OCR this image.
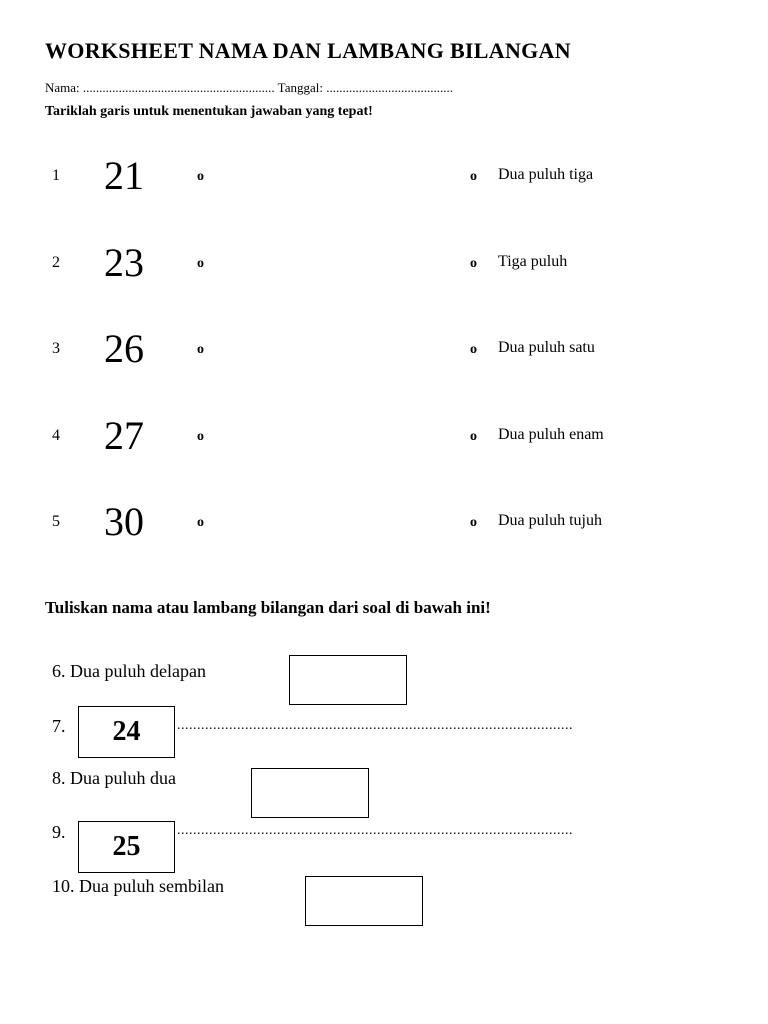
WORKSHEET NAMA DAN LAMBANG BILANGAN
Nama: ........................................................... Tanggal: .......................................
Tariklah garis untuk menentukan jawaban yang tepat!
1 21	o	o Dua puluh tiga
2 23	o	o Tiga puluh
3 26	o	o Dua puluh satu
4 27	o	o Dua puluh enam
5 30	o	o Dua puluh tujuh
Tuliskan nama atau lambang bilangan dari soal di bawah ini!
6. Dua puluh delapan
7.	24	...................................................................................................
8. Dua puluh dua
9.	25
...................................................................................................
10. Dua puluh sembilan
